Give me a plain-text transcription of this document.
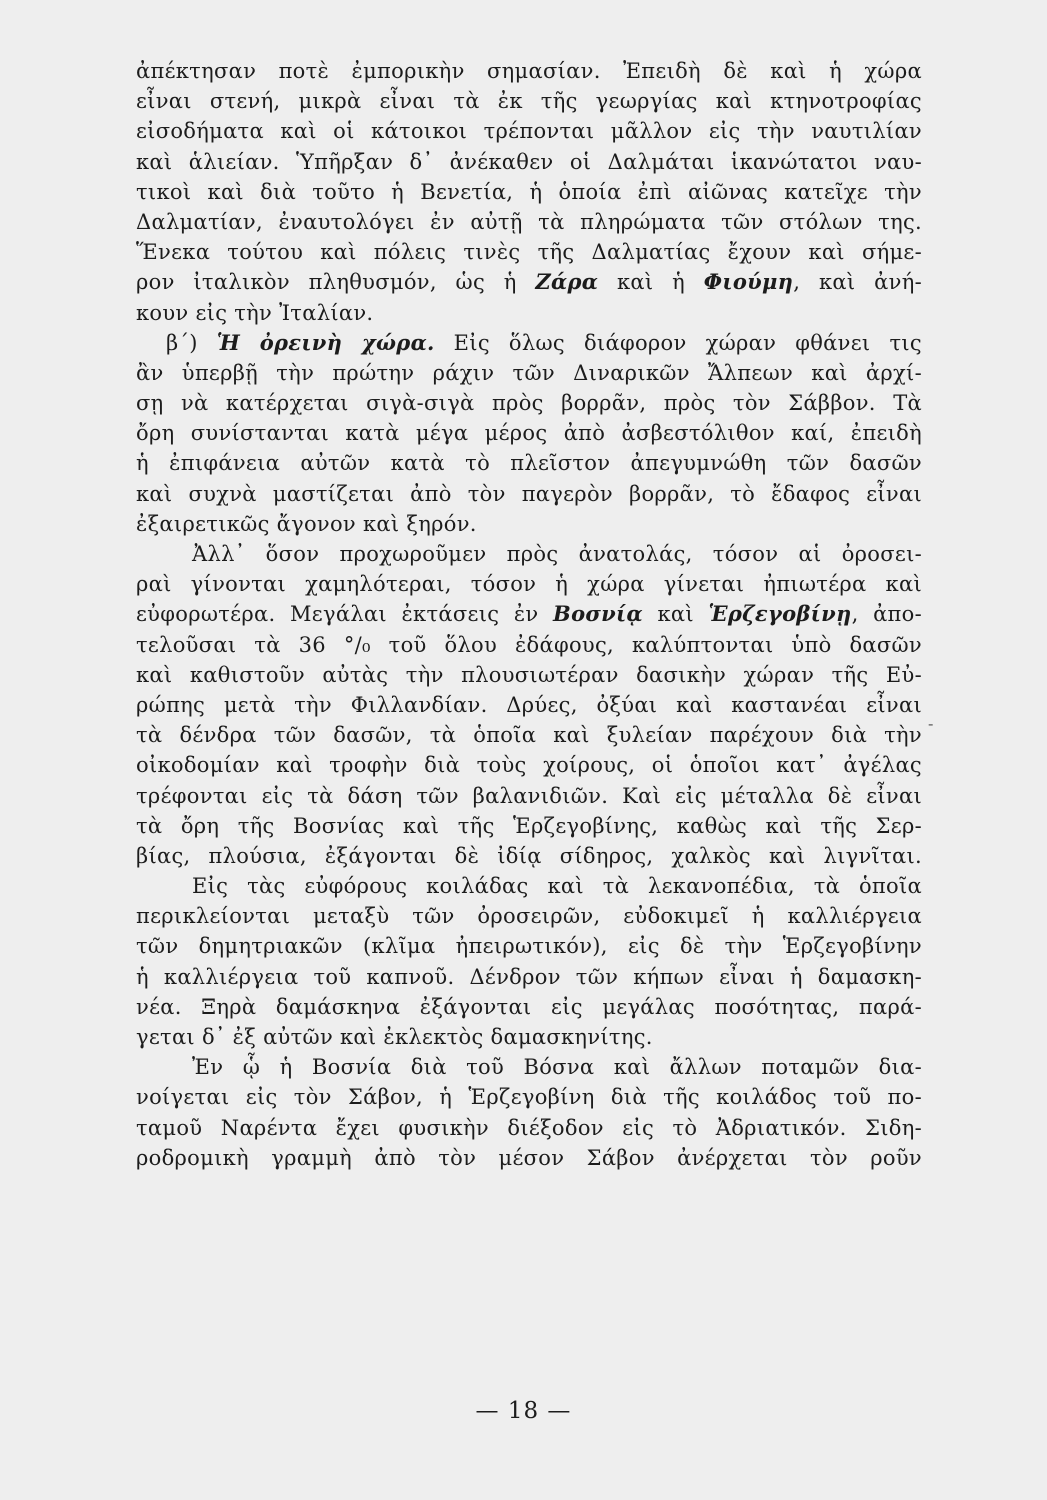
ἀπέκτησαν ποτὲ ἐμπορικὴν σημασίαν. Ἐπειδὴ δὲ καὶ ἡ χώρα
εἶναι στενή, μικρὰ εἶναι τὰ ἐκ τῆς γεωργίας καὶ κτηνοτροφίας
εἰσοδήματα καὶ οἱ κάτοικοι τρέπονται μᾶλλον εἰς τὴν ναυτιλίαν
καὶ ἁλιείαν. Ὑπῆρξαν δ᾽ ἀνέκαθεν οἱ Δαλμάται ἱκανώτατοι ναυ-
τικοὶ καὶ διὰ τοῦτο ἡ Βενετία, ἡ ὁποία ἐπὶ αἰῶνας κατεῖχε τὴν
Δαλματίαν, ἐναυτολόγει ἐν αὐτῇ τὰ πληρώματα τῶν στόλων της.
Ἕνεκα τούτου καὶ πόλεις τινὲς τῆς Δαλματίας ἔχουν καὶ σήμε-
ρον ἰταλικὸν πληθυσμόν, ὡς ἡ Ζάρα καὶ ἡ Φιούμη, καὶ ἀνή-
κουν εἰς τὴν Ἰταλίαν.
β΄) Ἡ ὀρεινὴ χώρα. Εἰς ὅλως διάφορον χώραν φθάνει τις
ἂν ὑπερβῇ τὴν πρώτην ράχιν τῶν Διναρικῶν Ἄλπεων καὶ ἀρχί-
σῃ νὰ κατέρχεται σιγὰ-σιγὰ πρὸς βορρᾶν, πρὸς τὸν Σάββον. Τὰ
ὄρη συνίστανται κατὰ μέγα μέρος ἀπὸ ἀσβεστόλιθον καί, ἐπειδὴ
ἡ ἐπιφάνεια αὐτῶν κατὰ τὸ πλεῖστον ἀπεγυμνώθη τῶν δασῶν
καὶ συχνὰ μαστίζεται ἀπὸ τὸν παγερὸν βορρᾶν, τὸ ἔδαφος εἶναι
ἐξαιρετικῶς ἄγονον καὶ ξηρόν.
Ἀλλ᾽ ὅσον προχωροῦμεν πρὸς ἀνατολάς, τόσον αἱ ὀροσει-
ραὶ γίνονται χαμηλότεραι, τόσον ἡ χώρα γίνεται ἠπιωτέρα καὶ
εὐφορωτέρα. Μεγάλαι ἐκτάσεις ἐν Βοσνίᾳ καὶ Ἑρζεγοβίνῃ, ἀπο-
τελοῦσαι τὰ 36 °/₀ τοῦ ὅλου ἐδάφους, καλύπτονται ὑπὸ δασῶν
καὶ καθιστοῦν αὐτὰς τὴν πλουσιωτέραν δασικὴν χώραν τῆς Εὐ-
ρώπης μετὰ τὴν Φιλλανδίαν. Δρύες, ὀξύαι καὶ καστανέαι εἶναι
τὰ δένδρα τῶν δασῶν, τὰ ὁποῖα καὶ ξυλείαν παρέχουν διὰ τὴν
οἰκοδομίαν καὶ τροφὴν διὰ τοὺς χοίρους, οἱ ὁποῖοι κατ᾽ ἀγέλας
τρέφονται εἰς τὰ δάση τῶν βαλανιδιῶν. Καὶ εἰς μέταλλα δὲ εἶναι
τὰ ὄρη τῆς Βοσνίας καὶ τῆς Ἑρζεγοβίνης, καθὼς καὶ τῆς Σερ-
βίας, πλούσια, ἐξάγονται δὲ ἰδίᾳ σίδηρος, χαλκὸς καὶ λιγνῖται.
Εἰς τὰς εὐφόρους κοιλάδας καὶ τὰ λεκανοπέδια, τὰ ὁποῖα
περικλείονται μεταξὺ τῶν ὀροσειρῶν, εὐδοκιμεῖ ἡ καλλιέργεια
τῶν δημητριακῶν (κλῖμα ἠπειρωτικόν), εἰς δὲ τὴν Ἑρζεγοβίνην
ἡ καλλιέργεια τοῦ καπνοῦ. Δένδρον τῶν κήπων εἶναι ἡ δαμασκη-
νέα. Ξηρὰ δαμάσκηνα ἐξάγονται εἰς μεγάλας ποσότητας, παρά-
γεται δ᾽ ἐξ αὐτῶν καὶ ἐκλεκτὸς δαμασκηνίτης.
Ἐν ᾧ ἡ Βοσνία διὰ τοῦ Βόσνα καὶ ἄλλων ποταμῶν δια-
νοίγεται εἰς τὸν Σάβον, ἡ Ἑρζεγοβίνη διὰ τῆς κοιλάδος τοῦ πο-
ταμοῦ Ναρέντα ἔχει φυσικὴν διέξοδον εἰς τὸ Ἀδριατικόν. Σιδη-
ροδρομικὴ γραμμὴ ἀπὸ τὸν μέσον Σάβον ἀνέρχεται τὸν ροῦν
-
— 18 —
